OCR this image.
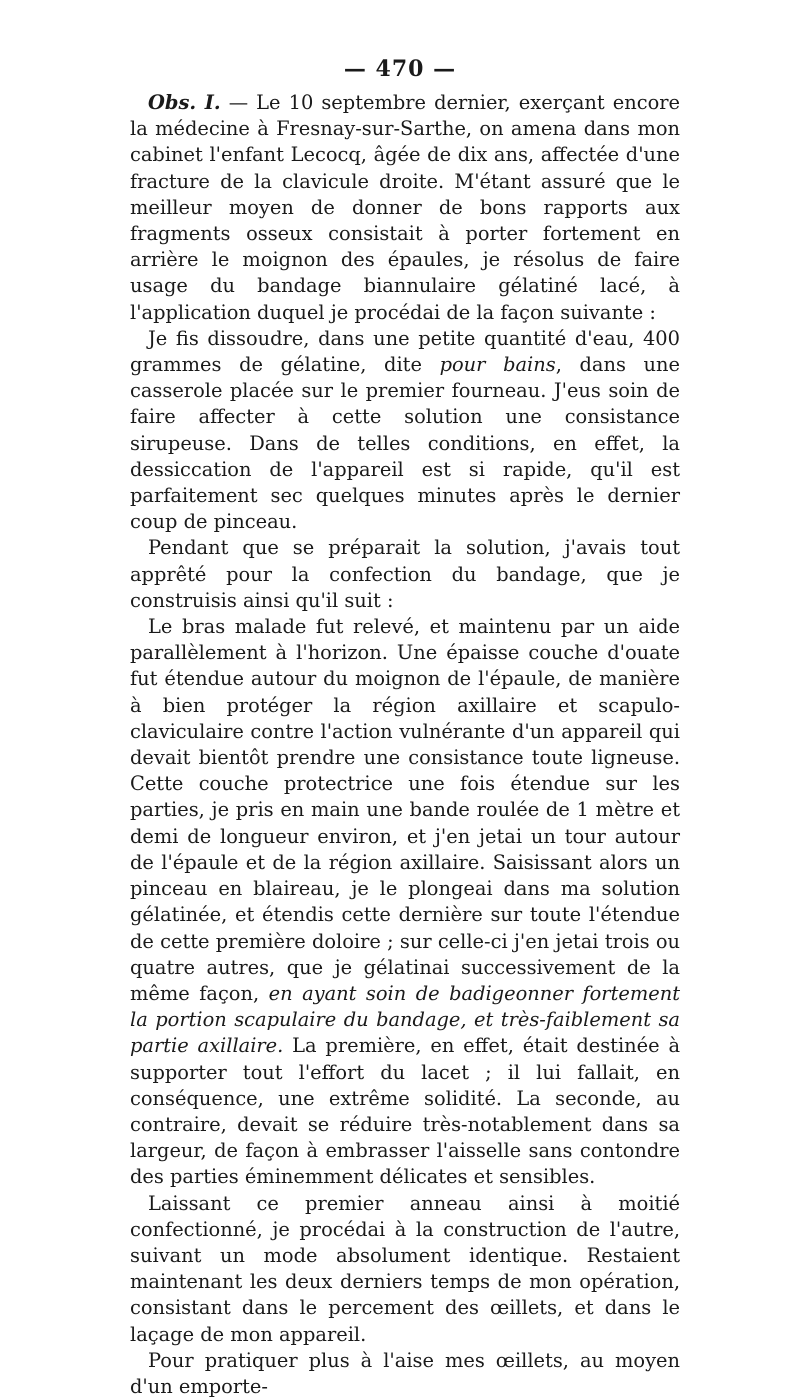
— 470 —

Obs. I. — Le 10 septembre dernier, exerçant encore la médecine à Fresnay-sur-Sarthe, on amena dans mon cabinet l'enfant Lecocq, âgée de dix ans, affectée d'une fracture de la clavicule droite. M'étant assuré que le meilleur moyen de donner de bons rapports aux fragments osseux consistait à porter fortement en arrière le moignon des épaules, je résolus de faire usage du bandage biannulaire gélatiné lacé, à l'application duquel je procédai de la façon suivante :

Je fis dissoudre, dans une petite quantité d'eau, 400 grammes de gélatine, dite pour bains, dans une casserole placée sur le premier fourneau. J'eus soin de faire affecter à cette solution une consistance sirupeuse. Dans de telles conditions, en effet, la dessiccation de l'appareil est si rapide, qu'il est parfaitement sec quelques minutes après le dernier coup de pinceau.

Pendant que se préparait la solution, j'avais tout apprêté pour la confection du bandage, que je construisis ainsi qu'il suit :

Le bras malade fut relevé, et maintenu par un aide parallèlement à l'horizon. Une épaisse couche d'ouate fut étendue autour du moignon de l'épaule, de manière à bien protéger la région axillaire et scapulo-claviculaire contre l'action vulnérante d'un appareil qui devait bientôt prendre une consistance toute ligneuse. Cette couche protectrice une fois étendue sur les parties, je pris en main une bande roulée de 1 mètre et demi de longueur environ, et j'en jetai un tour autour de l'épaule et de la région axillaire. Saisissant alors un pinceau en blaireau, je le plongeai dans ma solution gélatinée, et étendis cette dernière sur toute l'étendue de cette première doloire ; sur celle-ci j'en jetai trois ou quatre autres, que je gélatinai successivement de la même façon, en ayant soin de badigeonner fortement la portion scapulaire du bandage, et très-faiblement sa partie axillaire. La première, en effet, était destinée à supporter tout l'effort du lacet ; il lui fallait, en conséquence, une extrême solidité. La seconde, au contraire, devait se réduire très-notablement dans sa largeur, de façon à embrasser l'aisselle sans contondre des parties éminemment délicates et sensibles.

Laissant ce premier anneau ainsi à moitié confectionné, je procédai à la construction de l'autre, suivant un mode absolument identique. Restaient maintenant les deux derniers temps de mon opération, consistant dans le percement des œillets, et dans le laçage de mon appareil.

Pour pratiquer plus à l'aise mes œillets, au moyen d'un emporte-
